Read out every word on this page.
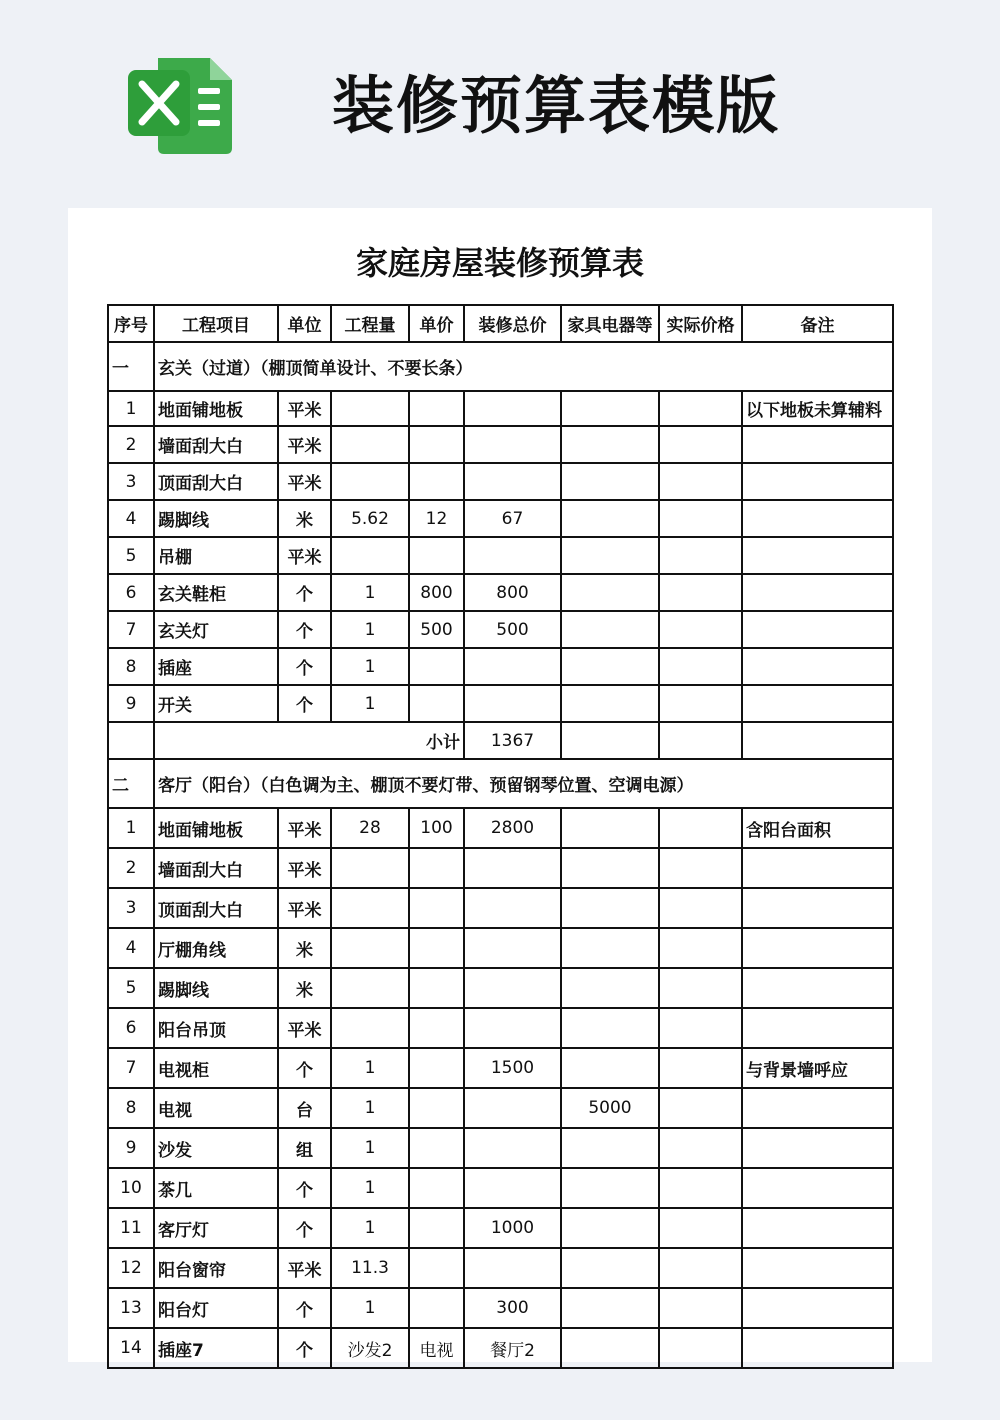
装修预算表模版
家庭房屋装修预算表
序号	工程项目	单位	工程量	单价	装修总价	家具电器等	实际价格	备注
一	玄关（过道）（棚顶简单设计、不要长条）							
1	地面铺地板	平米						以下地板未算辅料
2	墙面刮大白	平米						
3	顶面刮大白	平米						
4	踢脚线	米	5.62	12	67			
5	吊棚	平米						
6	玄关鞋柜	个	1	800	800			
7	玄关灯	个	1	500	500			
8	插座	个	1					
9	开关	个	1					
	小计				1367			
二	客厅（阳台）（白色调为主、棚顶不要灯带、预留钢琴位置、空调电源）							
1	地面铺地板	平米	28	100	2800			含阳台面积
2	墙面刮大白	平米						
3	顶面刮大白	平米						
4	厅棚角线	米						
5	踢脚线	米						
6	阳台吊顶	平米						
7	电视柜	个	1		1500			与背景墙呼应
8	电视	台	1			5000		
9	沙发	组	1					
10	茶几	个	1					
11	客厅灯	个	1		1000			
12	阳台窗帘	平米	11.3					
13	阳台灯	个	1		300			
14	插座7	个	沙发2	电视	餐厅2			
